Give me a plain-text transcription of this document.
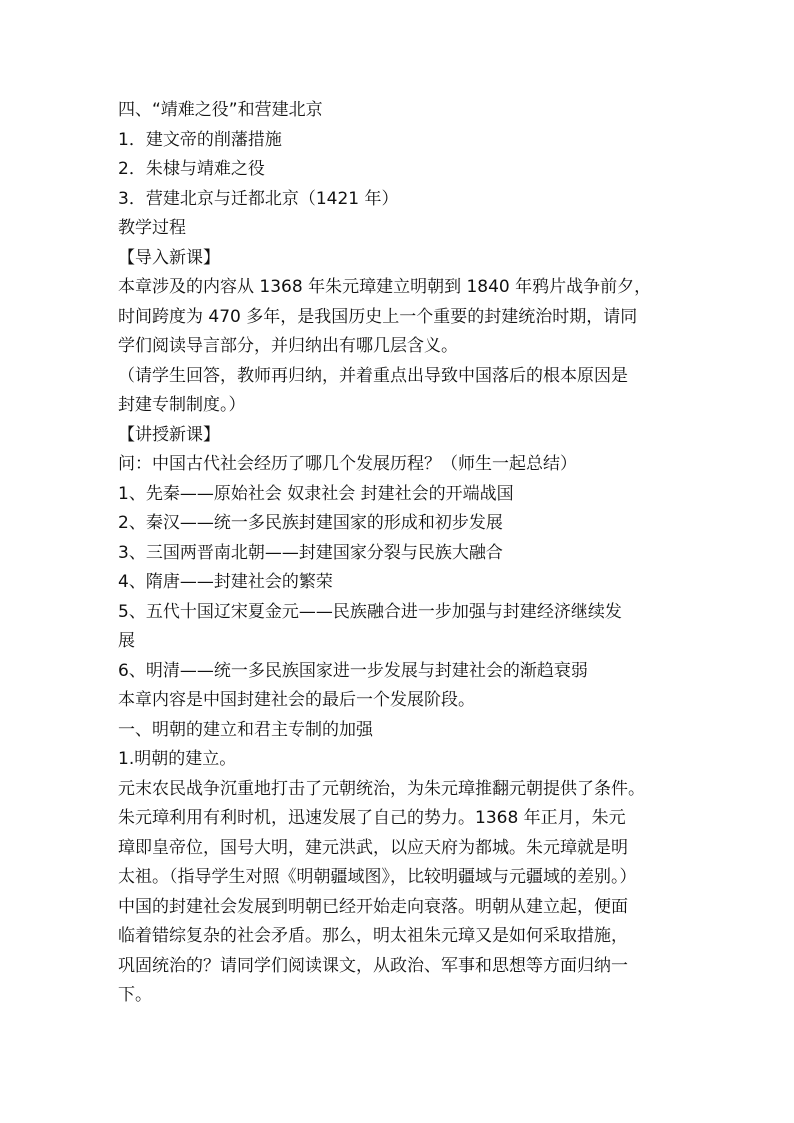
四、“靖难之役”和营建北京
1．建文帝的削藩措施
2．朱棣与靖难之役
3．营建北京与迁都北京（1421 年）
教学过程
【导入新课】
本章涉及的内容从 1368 年朱元璋建立明朝到 1840 年鸦片战争前夕，
时间跨度为 470 多年，是我国历史上一个重要的封建统治时期，请同
学们阅读导言部分，并归纳出有哪几层含义。
（请学生回答，教师再归纳，并着重点出导致中国落后的根本原因是
封建专制制度。）
【讲授新课】
问：中国古代社会经历了哪几个发展历程？（师生一起总结）
1、先秦——原始社会 奴隶社会 封建社会的开端战国
2、秦汉——统一多民族封建国家的形成和初步发展
3、三国两晋南北朝——封建国家分裂与民族大融合
4、隋唐——封建社会的繁荣
5、五代十国辽宋夏金元——民族融合进一步加强与封建经济继续发
展
6、明清——统一多民族国家进一步发展与封建社会的渐趋衰弱
本章内容是中国封建社会的最后一个发展阶段。
一、明朝的建立和君主专制的加强
1.明朝的建立。
元末农民战争沉重地打击了元朝统治，为朱元璋推翻元朝提供了条件。
朱元璋利用有利时机，迅速发展了自己的势力。1368 年正月，朱元
璋即皇帝位，国号大明，建元洪武，以应天府为都城。朱元璋就是明
太祖。（指导学生对照《明朝疆域图》，比较明疆域与元疆域的差别。）
中国的封建社会发展到明朝已经开始走向衰落。明朝从建立起，便面
临着错综复杂的社会矛盾。那么，明太祖朱元璋又是如何采取措施，
巩固统治的？请同学们阅读课文，从政治、军事和思想等方面归纳一
下。
